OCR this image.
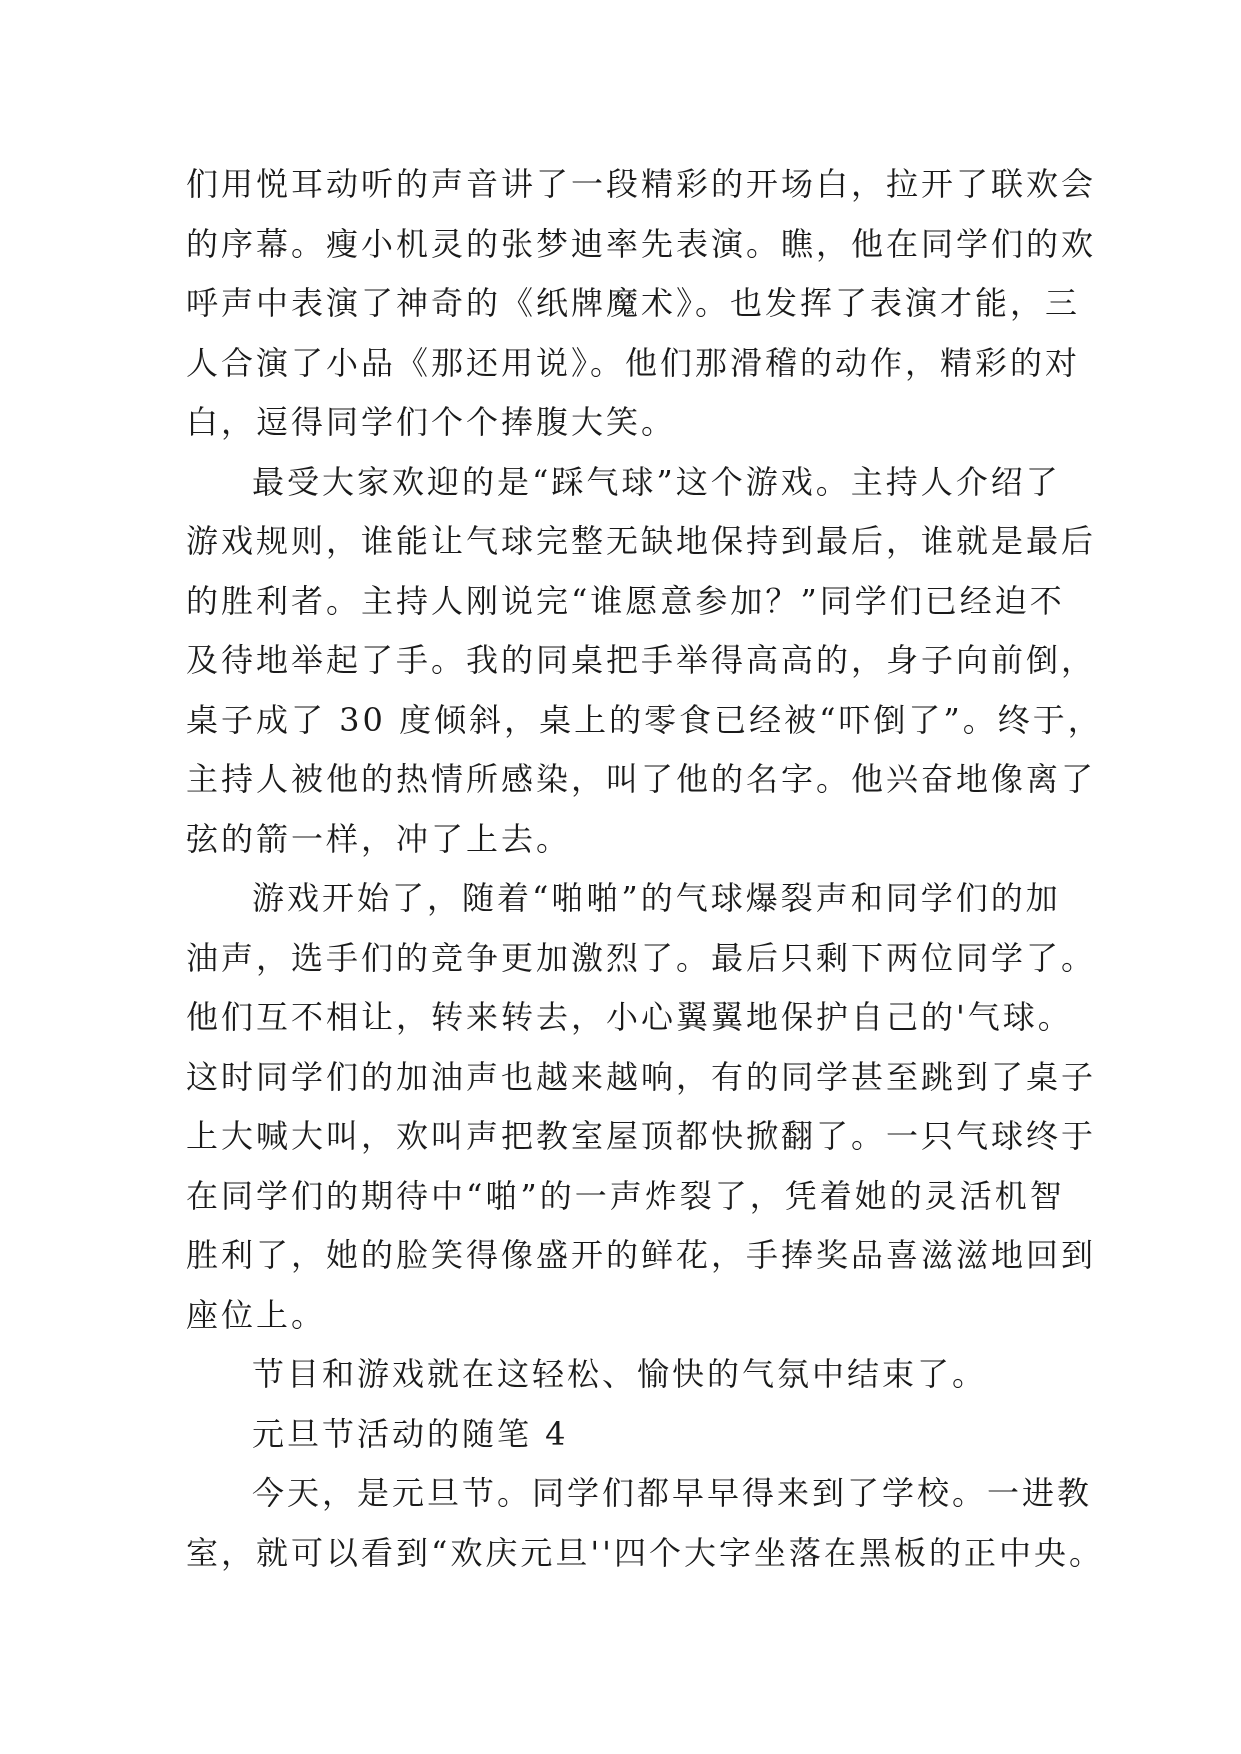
们用悦耳动听的声音讲了一段精彩的开场白，拉开了联欢会
的序幕。瘦小机灵的张梦迪率先表演。瞧，他在同学们的欢
呼声中表演了神奇的《纸牌魔术》。也发挥了表演才能，三
人合演了小品《那还用说》。他们那滑稽的动作，精彩的对
白，逗得同学们个个捧腹大笑。
最受大家欢迎的是“踩气球”这个游戏。主持人介绍了
游戏规则，谁能让气球完整无缺地保持到最后，谁就是最后
的胜利者。主持人刚说完“谁愿意参加？”同学们已经迫不
及待地举起了手。我的同桌把手举得高高的，身子向前倒，
桌子成了 30 度倾斜，桌上的零食已经被“吓倒了”。终于，
主持人被他的热情所感染，叫了他的名字。他兴奋地像离了
弦的箭一样，冲了上去。
游戏开始了，随着“啪啪”的气球爆裂声和同学们的加
油声，选手们的竞争更加激烈了。最后只剩下两位同学了。
他们互不相让，转来转去，小心翼翼地保护自己的'气球。
这时同学们的加油声也越来越响，有的同学甚至跳到了桌子
上大喊大叫，欢叫声把教室屋顶都快掀翻了。一只气球终于
在同学们的期待中“啪”的一声炸裂了，凭着她的灵活机智
胜利了，她的脸笑得像盛开的鲜花，手捧奖品喜滋滋地回到
座位上。
节目和游戏就在这轻松、愉快的气氛中结束了。
元旦节活动的随笔 4
今天，是元旦节。同学们都早早得来到了学校。一进教
室，就可以看到“欢庆元旦''四个大字坐落在黑板的正中央。
